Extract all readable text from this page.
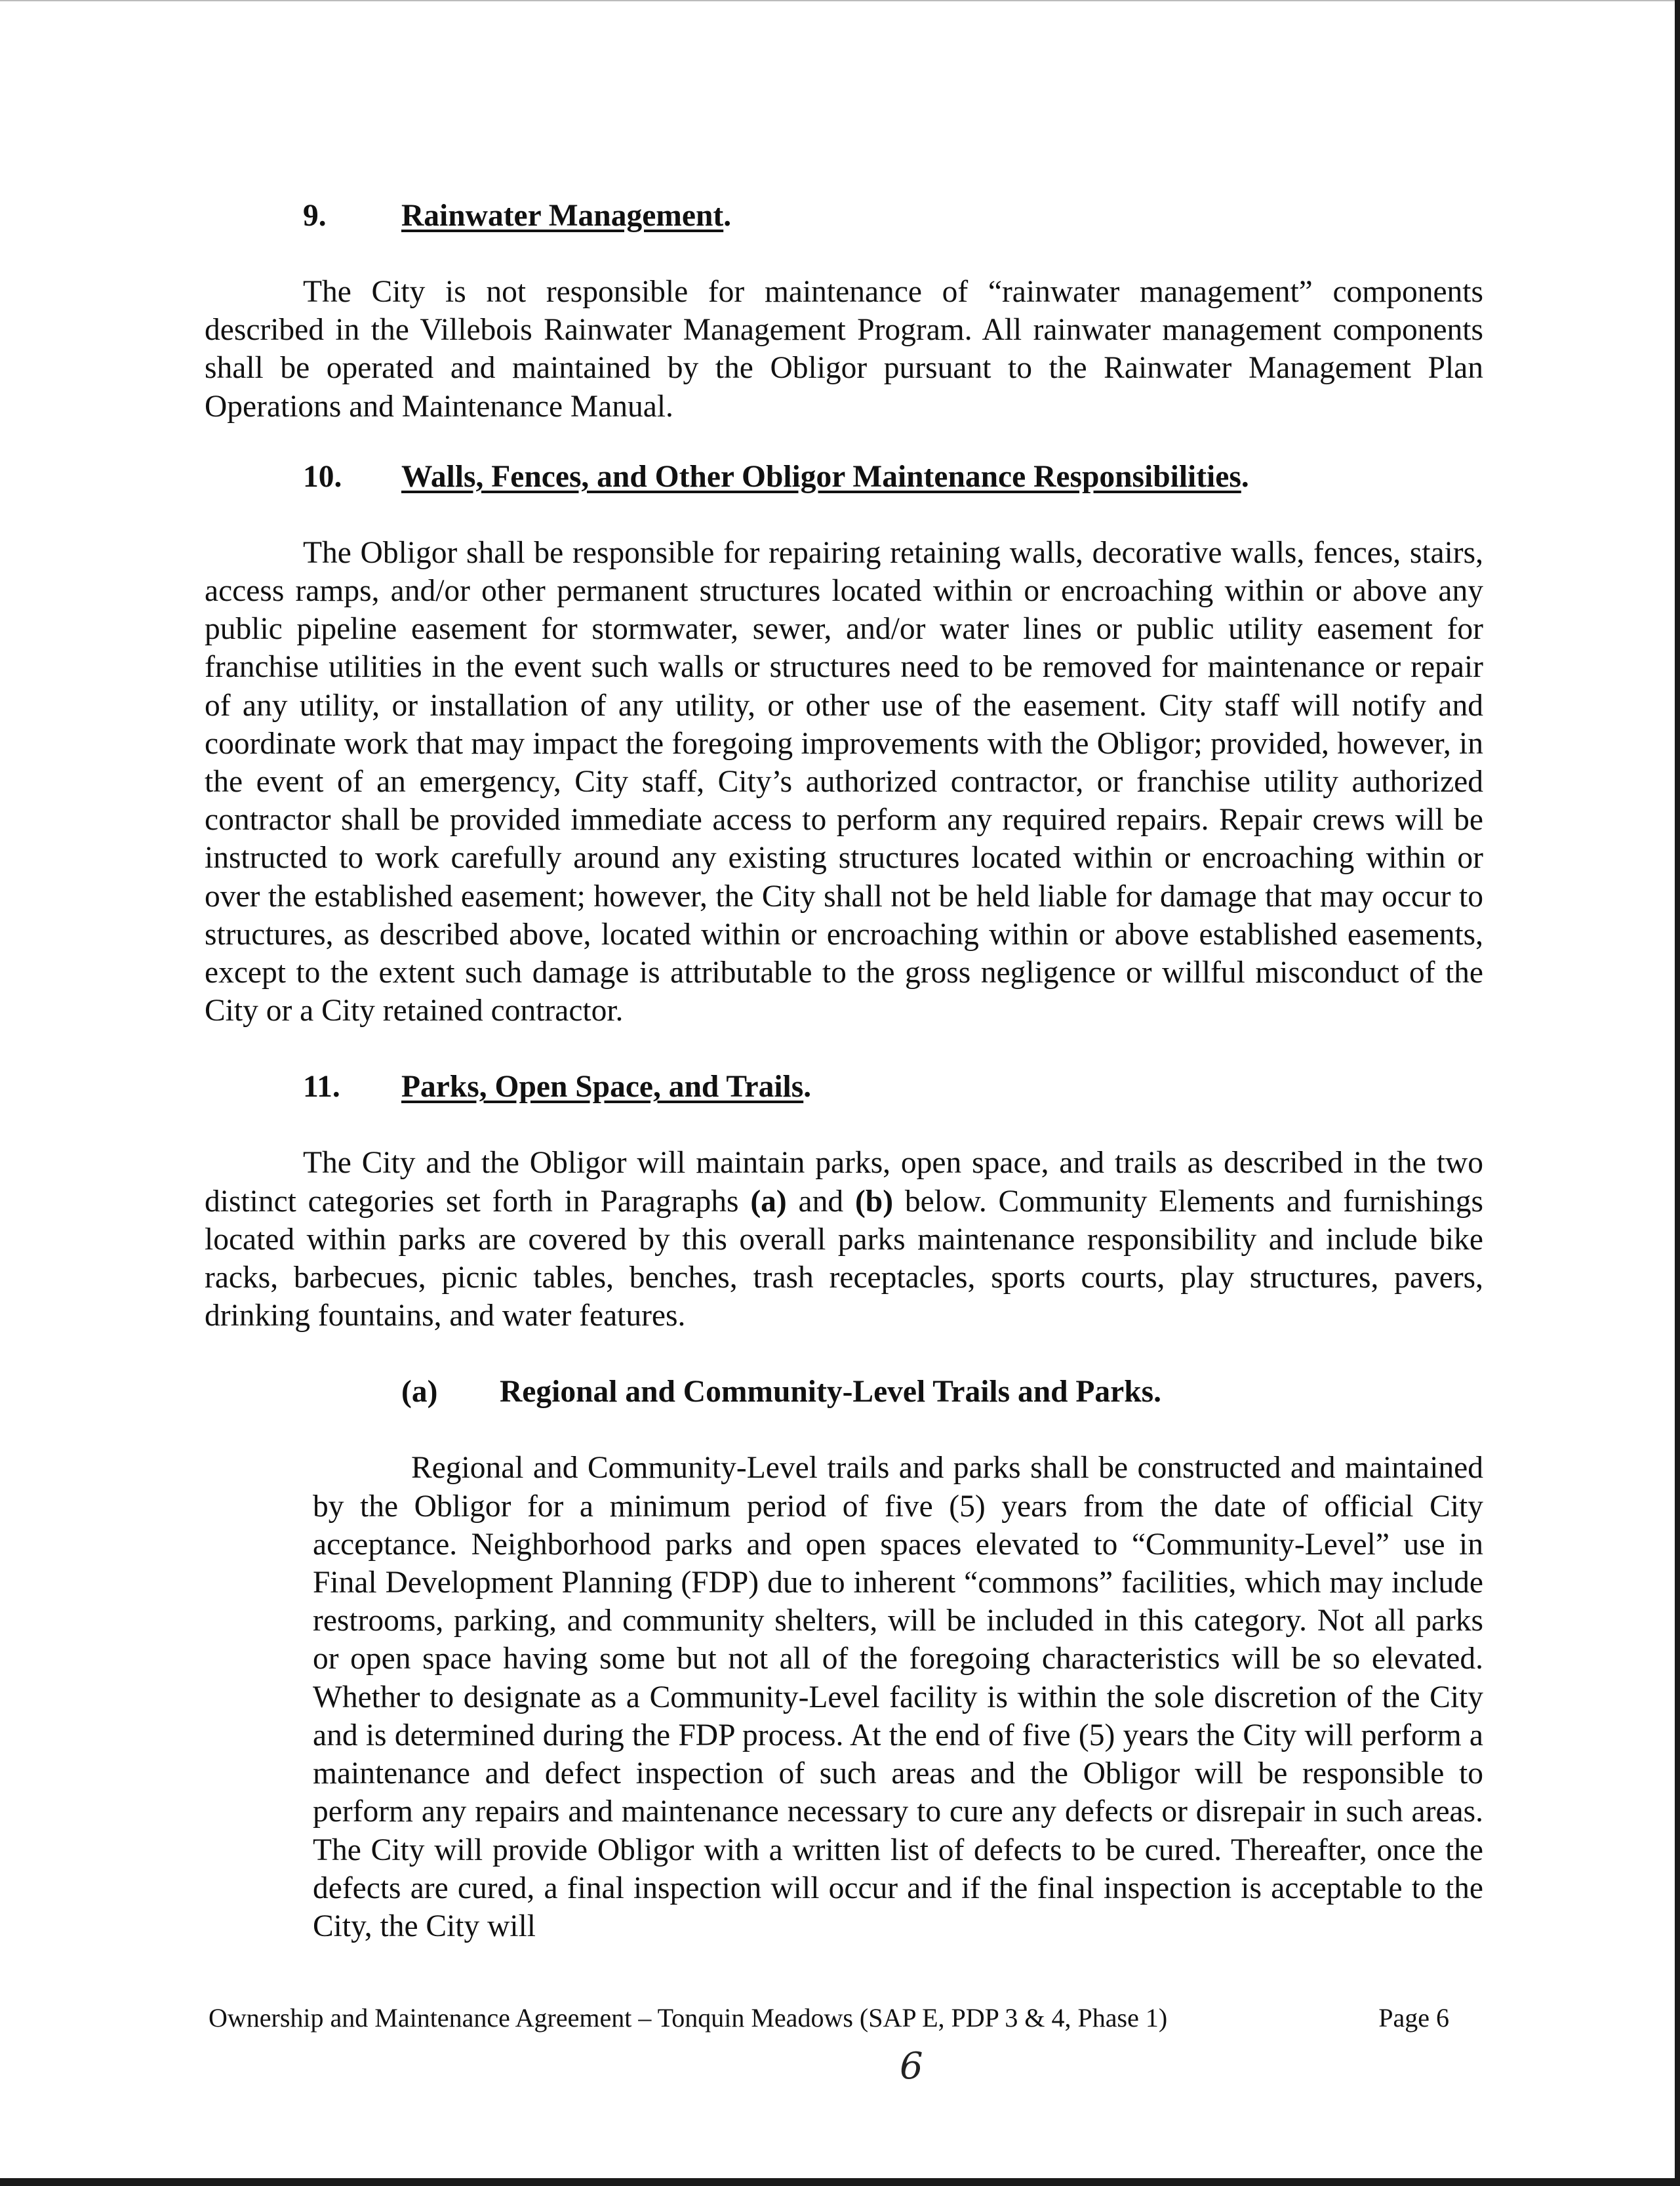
9. Rainwater Management.

The City is not responsible for maintenance of “rainwater management” components described in the Villebois Rainwater Management Program. All rainwater management components shall be operated and maintained by the Obligor pursuant to the Rainwater Management Plan Operations and Maintenance Manual.

10. Walls, Fences, and Other Obligor Maintenance Responsibilities.

The Obligor shall be responsible for repairing retaining walls, decorative walls, fences, stairs, access ramps, and/or other permanent structures located within or encroaching within or above any public pipeline easement for stormwater, sewer, and/or water lines or public utility easement for franchise utilities in the event such walls or structures need to be removed for maintenance or repair of any utility, or installation of any utility, or other use of the easement. City staff will notify and coordinate work that may impact the foregoing improvements with the Obligor; provided, however, in the event of an emergency, City staff, City’s authorized contractor, or franchise utility authorized contractor shall be provided immediate access to perform any required repairs. Repair crews will be instructed to work carefully around any existing structures located within or encroaching within or over the established easement; however, the City shall not be held liable for damage that may occur to structures, as described above, located within or encroaching within or above established easements, except to the extent such damage is attributable to the gross negligence or willful misconduct of the City or a City retained contractor.

11. Parks, Open Space, and Trails.

The City and the Obligor will maintain parks, open space, and trails as described in the two distinct categories set forth in Paragraphs (a) and (b) below. Community Elements and furnishings located within parks are covered by this overall parks maintenance responsibility and include bike racks, barbecues, picnic tables, benches, trash receptacles, sports courts, play structures, pavers, drinking fountains, and water features.

(a) Regional and Community-Level Trails and Parks.

Regional and Community-Level trails and parks shall be constructed and maintained by the Obligor for a minimum period of five (5) years from the date of official City acceptance. Neighborhood parks and open spaces elevated to “Community-Level” use in Final Development Planning (FDP) due to inherent “commons” facilities, which may include restrooms, parking, and community shelters, will be included in this category. Not all parks or open space having some but not all of the foregoing characteristics will be so elevated. Whether to designate as a Community-Level facility is within the sole discretion of the City and is determined during the FDP process. At the end of five (5) years the City will perform a maintenance and defect inspection of such areas and the Obligor will be responsible to perform any repairs and maintenance necessary to cure any defects or disrepair in such areas. The City will provide Obligor with a written list of defects to be cured. Thereafter, once the defects are cured, a final inspection will occur and if the final inspection is acceptable to the City, the City will

Ownership and Maintenance Agreement – Tonquin Meadows (SAP E, PDP 3 & 4, Phase 1)	Page 6
6
